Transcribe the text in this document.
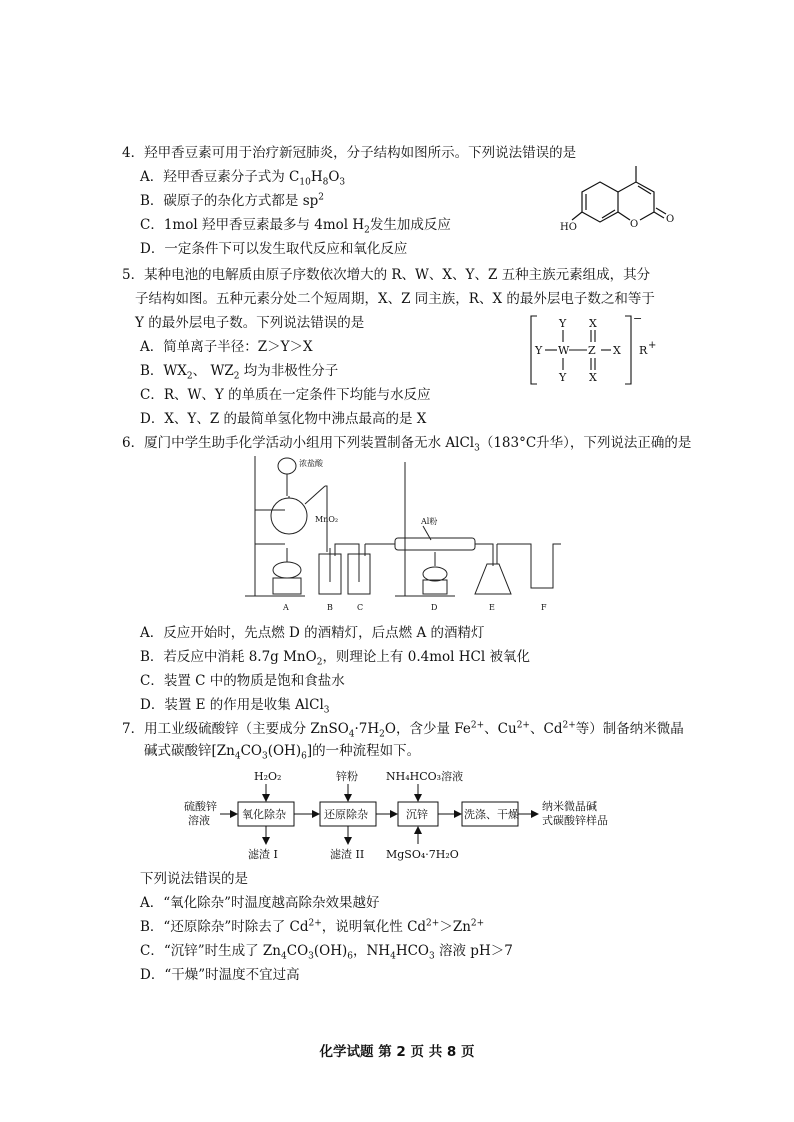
4．羟甲香豆素可用于治疗新冠肺炎，分子结构如图所示。下列说法错误的是
A．羟甲香豆素分子式为 $C_{10}H_8O_3$
B．碳原子的杂化方式都是 $sp^2$
C．1mol 羟甲香豆素最多与 4mol $H_2$发生加成反应
D．一定条件下可以发生取代反应和氧化反应
HO	O	O
5．某种电池的电解质由原子序数依次增大的 R、W、X、Y、Z 五种主族元素组成，其分
子结构如图。五种元素分处二个短周期，X、Z 同主族，R、X 的最外层电子数之和等于
Y 的最外层电子数。下列说法错误的是
A．简单离子半径：Z＞Y＞X
B．$WX_2$、 $WZ_2$ 均为非极性分子
C．R、W、Y 的单质在一定条件下均能与水反应
D．X、Y、Z 的最简单氢化物中沸点最高的是 X
Y
Y W
Y
X
Z
X
X
−
R +
6．厦门中学生助手化学活动小组用下列装置制备无水 AlCl$_3$（183°C升华），下列说法正确的是
浓盐酸
MnO₂	Al粉
A	B	C	D	E	F
A．反应开始时，先点燃 D 的酒精灯，后点燃 A 的酒精灯
B．若反应中消耗 8.7g MnO$_2$，则理论上有 0.4mol HCl 被氧化
C．装置 C 中的物质是饱和食盐水
D．装置 E 的作用是收集 AlCl$_3$
7．用工业级硫酸锌（主要成分 $ZnSO_4\cdot 7H_2O$，含少量 $Fe^{2+}$、$Cu^{2+}$、$Cd^{2+}$等）制备纳米微晶
碱式碳酸锌$[Zn_4CO_3(OH)_6]$的一种流程如下。
硫酸锌
溶液	氧化除杂	还原除杂	沉锌	洗涤、干燥
纳米微晶碱
式碳酸锌样品
H₂O₂	锌粉	NH₄HCO₃溶液
滤渣 I	滤渣 II MgSO₄·7H₂O
下列说法错误的是
A．“氧化除杂”时温度越高除杂效果越好
B．“还原除杂”时除去了 $Cd^{2+}$，说明氧化性 $Cd^{2+}>Zn^{2+}$
C．“沉锌”时生成了 $Zn_4CO_3(OH)_6$，$NH_4HCO_3$ 溶液 pH＞7
D．“干燥”时温度不宜过高
化学试题 第 2 页 共 8 页
